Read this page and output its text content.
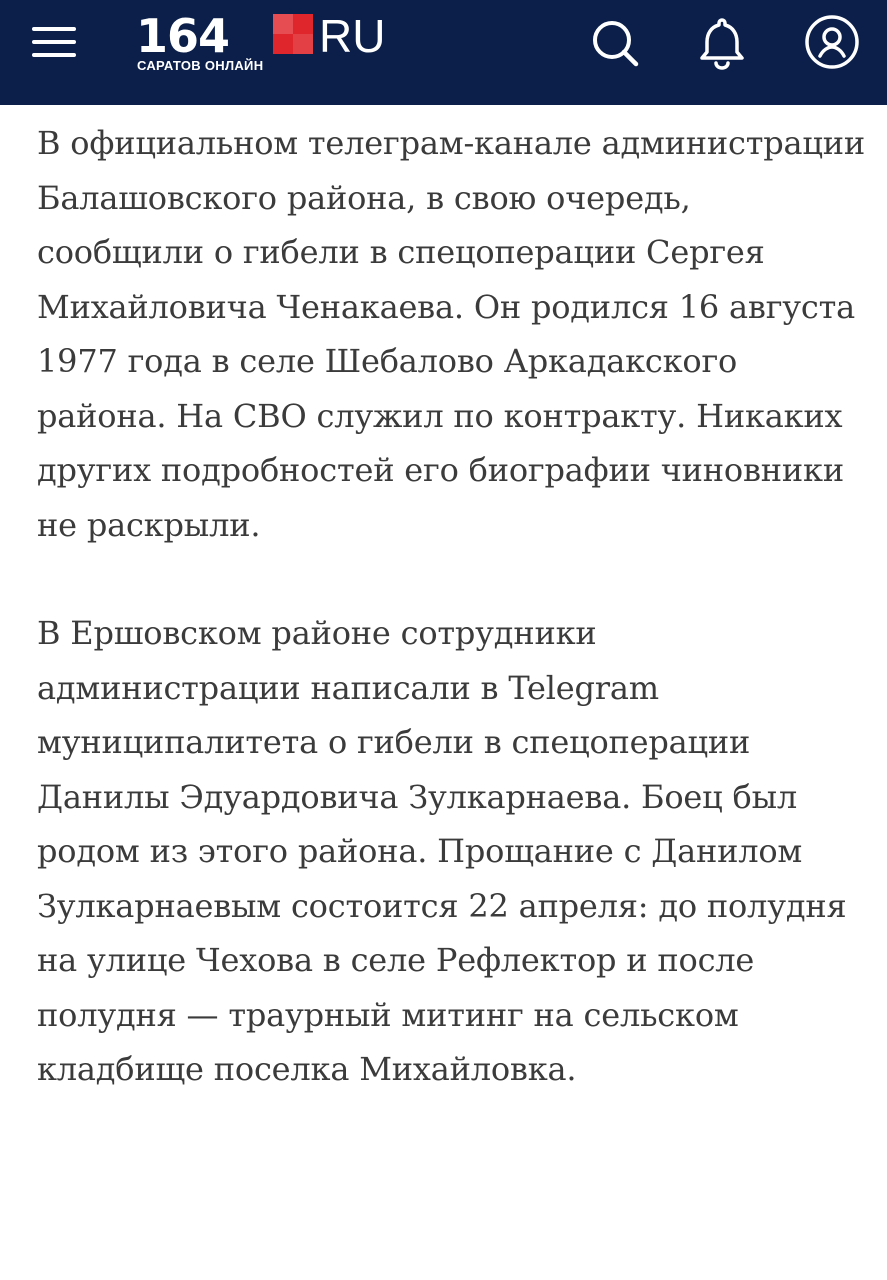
164 RU
САРАТОВ ОНЛАЙН

В официальном телеграм-канале администрации Балашовского района, в свою очередь, сообщили о гибели в спецоперации Сергея Михайловича Ченакаева. Он родился 16 августа 1977 года в селе Шебалово Аркадакского района. На СВО служил по контракту. Никаких других подробностей его биографии чиновники не раскрыли.

В Ершовском районе сотрудники администрации написали в Telegram муниципалитета о гибели в спецоперации Данилы Эдуардовича Зулкарнаева. Боец был родом из этого района. Прощание с Данилом Зулкарнаевым состоится 22 апреля: до полудня на улице Чехова в селе Рефлектор и после полудня — траурный митинг на сельском кладбище поселка Михайловка.
